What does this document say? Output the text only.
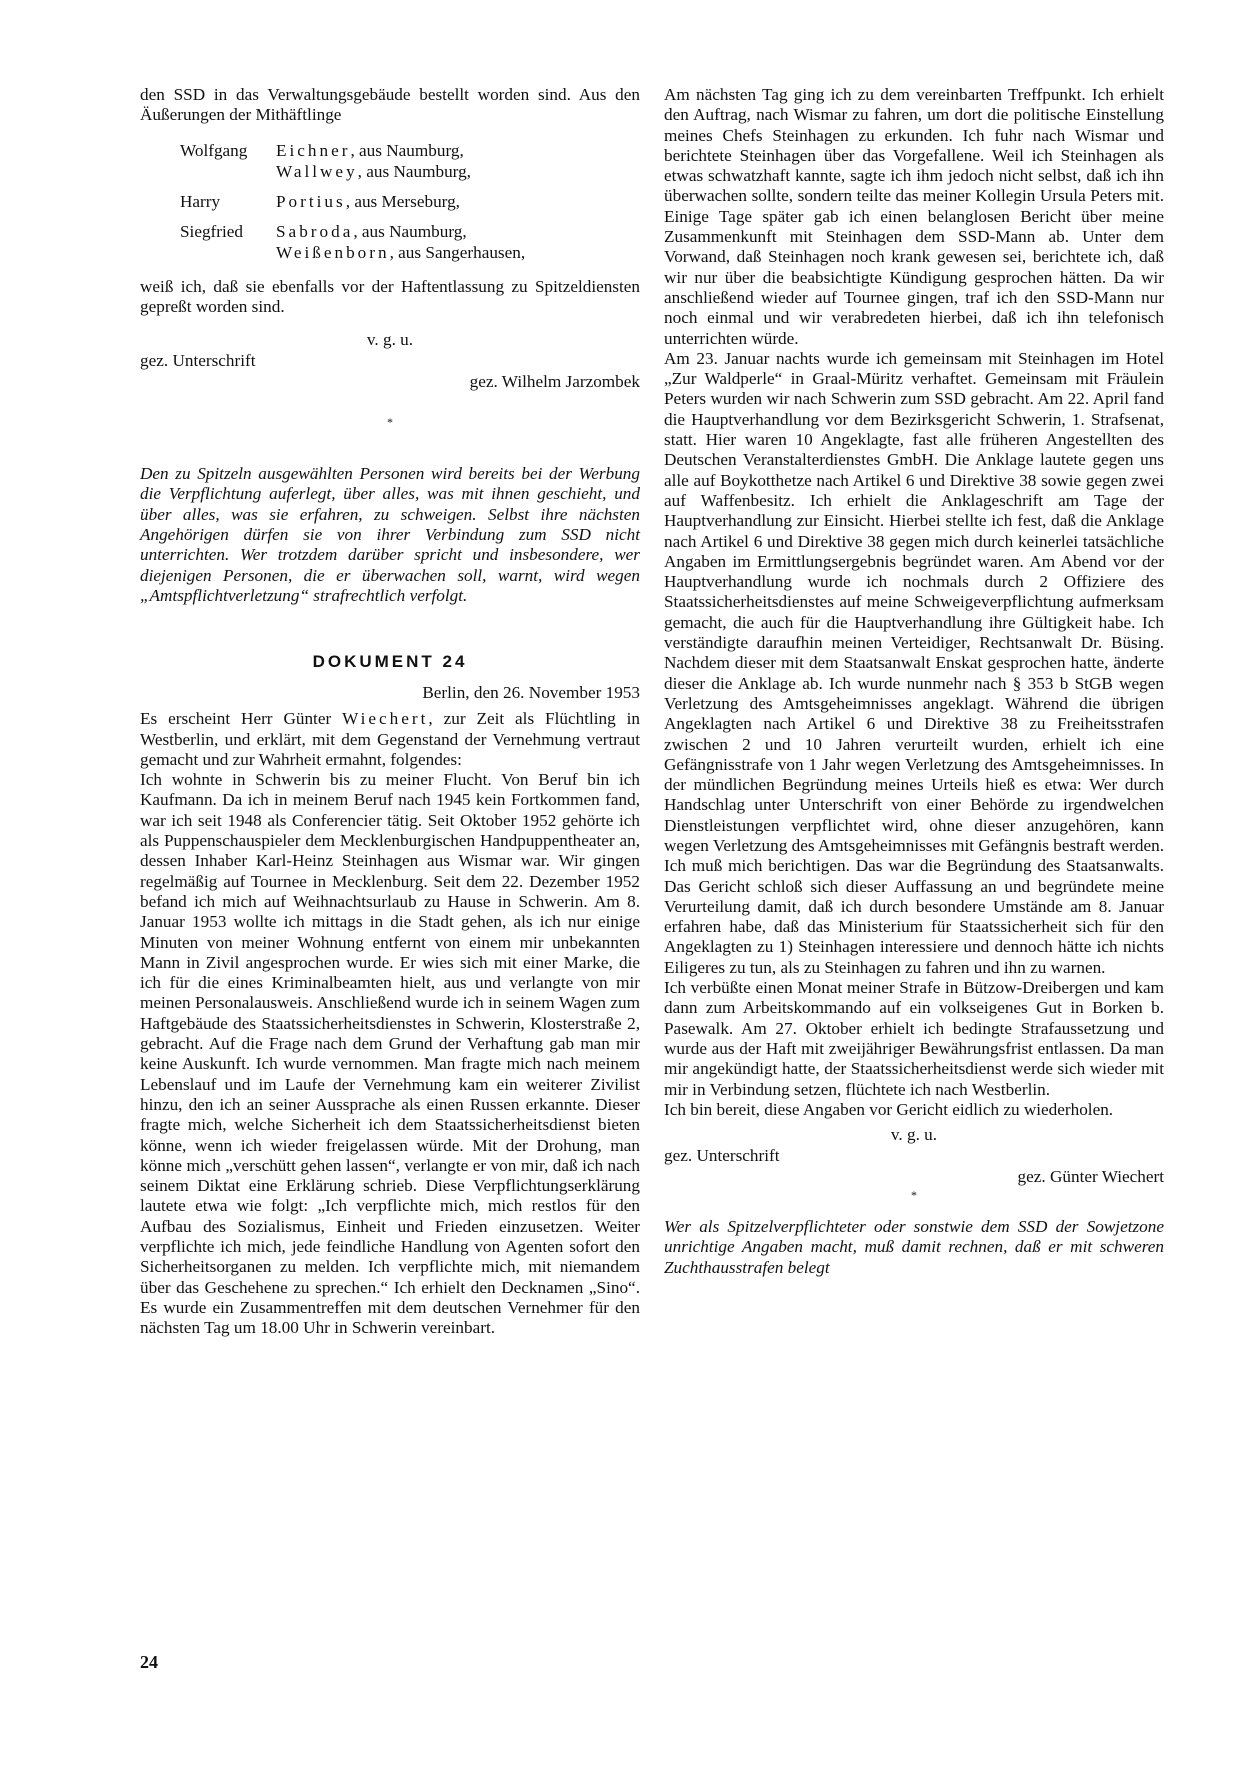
den SSD in das Verwaltungsgebäude bestellt worden sind. Aus den Äußerungen der Mithäftlinge

Wolfgang	Eichner, aus Naumburg,
Wallwey, aus Naumburg,
Harry	Portius, aus Merseburg,
Siegfried	Sabroda, aus Naumburg,
Weißenborn, aus Sangerhausen,

weiß ich, daß sie ebenfalls vor der Haftentlassung zu Spitzeldiensten gepreßt worden sind.

v. g. u.
gez. Unterschrift
gez. Wilhelm Jarzombek
*

Den zu Spitzeln ausgewählten Personen wird bereits bei der Werbung die Verpflichtung auferlegt, über alles, was mit ihnen geschieht, und über alles, was sie erfahren, zu schweigen. Selbst ihre nächsten Angehörigen dürfen sie von ihrer Verbindung zum SSD nicht unterrichten. Wer trotzdem darüber spricht und insbesondere, wer diejenigen Personen, die er überwachen soll, warnt, wird wegen „Amtspflichtverletzung“ strafrechtlich verfolgt.

DOKUMENT 24
Berlin, den 26. November 1953

Es erscheint Herr Günter Wiechert, zur Zeit als Flüchtling in Westberlin, und erklärt, mit dem Gegenstand der Vernehmung vertraut gemacht und zur Wahrheit ermahnt, folgendes:

Ich wohnte in Schwerin bis zu meiner Flucht. Von Beruf bin ich Kaufmann. Da ich in meinem Beruf nach 1945 kein Fortkommen fand, war ich seit 1948 als Conferencier tätig. Seit Oktober 1952 gehörte ich als Puppenschauspieler dem Mecklenburgischen Handpuppentheater an, dessen Inhaber Karl-Heinz Steinhagen aus Wismar war. Wir gingen regelmäßig auf Tournee in Mecklenburg. Seit dem 22. Dezember 1952 befand ich mich auf Weihnachtsurlaub zu Hause in Schwerin. Am 8. Januar 1953 wollte ich mittags in die Stadt gehen, als ich nur einige Minuten von meiner Wohnung entfernt von einem mir unbekannten Mann in Zivil angesprochen wurde. Er wies sich mit einer Marke, die ich für die eines Kriminalbeamten hielt, aus und verlangte von mir meinen Personalausweis. Anschließend wurde ich in seinem Wagen zum Haftgebäude des Staatssicherheitsdienstes in Schwerin, Klosterstraße 2, gebracht. Auf die Frage nach dem Grund der Verhaftung gab man mir keine Auskunft. Ich wurde vernommen. Man fragte mich nach meinem Lebenslauf und im Laufe der Vernehmung kam ein weiterer Zivilist hinzu, den ich an seiner Aussprache als einen Russen erkannte. Dieser fragte mich, welche Sicherheit ich dem Staatssicherheitsdienst bieten könne, wenn ich wieder freigelassen würde. Mit der Drohung, man könne mich „verschütt gehen lassen“, verlangte er von mir, daß ich nach seinem Diktat eine Erklärung schrieb. Diese Verpflichtungserklärung lautete etwa wie folgt: „Ich verpflichte mich, mich restlos für den Aufbau des Sozialismus, Einheit und Frieden einzusetzen. Weiter verpflichte ich mich, jede feindliche Handlung von Agenten sofort den Sicherheitsorganen zu melden. Ich verpflichte mich, mit niemandem über das Geschehene zu sprechen.“ Ich erhielt den Decknamen „Sino“. Es wurde ein Zusammentreffen mit dem deutschen Vernehmer für den nächsten Tag um 18.00 Uhr in Schwerin vereinbart.

Am nächsten Tag ging ich zu dem vereinbarten Treffpunkt. Ich erhielt den Auftrag, nach Wismar zu fahren, um dort die politische Einstellung meines Chefs Steinhagen zu erkunden. Ich fuhr nach Wismar und berichtete Steinhagen über das Vorgefallene. Weil ich Steinhagen als etwas schwatzhaft kannte, sagte ich ihm jedoch nicht selbst, daß ich ihn überwachen sollte, sondern teilte das meiner Kollegin Ursula Peters mit. Einige Tage später gab ich einen belanglosen Bericht über meine Zusammenkunft mit Steinhagen dem SSD-Mann ab. Unter dem Vorwand, daß Steinhagen noch krank gewesen sei, berichtete ich, daß wir nur über die beabsichtigte Kündigung gesprochen hätten. Da wir anschließend wieder auf Tournee gingen, traf ich den SSD-Mann nur noch einmal und wir verabredeten hierbei, daß ich ihn telefonisch unterrichten würde.

Am 23. Januar nachts wurde ich gemeinsam mit Steinhagen im Hotel „Zur Waldperle“ in Graal-Müritz verhaftet. Gemeinsam mit Fräulein Peters wurden wir nach Schwerin zum SSD gebracht. Am 22. April fand die Hauptverhandlung vor dem Bezirksgericht Schwerin, 1. Strafsenat, statt. Hier waren 10 Angeklagte, fast alle früheren Angestellten des Deutschen Veranstalterdienstes GmbH. Die Anklage lautete gegen uns alle auf Boykotthetze nach Artikel 6 und Direktive 38 sowie gegen zwei auf Waffenbesitz. Ich erhielt die Anklageschrift am Tage der Hauptverhandlung zur Einsicht. Hierbei stellte ich fest, daß die Anklage nach Artikel 6 und Direktive 38 gegen mich durch keinerlei tatsächliche Angaben im Ermittlungsergebnis begründet waren. Am Abend vor der Hauptverhandlung wurde ich nochmals durch 2 Offiziere des Staatssicherheitsdienstes auf meine Schweigeverpflichtung aufmerksam gemacht, die auch für die Hauptverhandlung ihre Gültigkeit habe. Ich verständigte daraufhin meinen Verteidiger, Rechtsanwalt Dr. Büsing. Nachdem dieser mit dem Staatsanwalt Enskat gesprochen hatte, änderte dieser die Anklage ab. Ich wurde nunmehr nach § 353 b StGB wegen Verletzung des Amtsgeheimnisses angeklagt. Während die übrigen Angeklagten nach Artikel 6 und Direktive 38 zu Freiheitsstrafen zwischen 2 und 10 Jahren verurteilt wurden, erhielt ich eine Gefängnisstrafe von 1 Jahr wegen Verletzung des Amtsgeheimnisses. In der mündlichen Begründung meines Urteils hieß es etwa: Wer durch Handschlag unter Unterschrift von einer Behörde zu irgendwelchen Dienstleistungen verpflichtet wird, ohne dieser anzugehören, kann wegen Verletzung des Amtsgeheimnisses mit Gefängnis bestraft werden. Ich muß mich berichtigen. Das war die Begründung des Staatsanwalts. Das Gericht schloß sich dieser Auffassung an und begründete meine Verurteilung damit, daß ich durch besondere Umstände am 8. Januar erfahren habe, daß das Ministerium für Staatssicherheit sich für den Angeklagten zu 1) Steinhagen interessiere und dennoch hätte ich nichts Eiligeres zu tun, als zu Steinhagen zu fahren und ihn zu warnen.

Ich verbüßte einen Monat meiner Strafe in Bützow-Dreibergen und kam dann zum Arbeitskommando auf ein volkseigenes Gut in Borken b. Pasewalk. Am 27. Oktober erhielt ich bedingte Strafaussetzung und wurde aus der Haft mit zweijähriger Bewährungsfrist entlassen. Da man mir angekündigt hatte, der Staatssicherheitsdienst werde sich wieder mit mir in Verbindung setzen, flüchtete ich nach Westberlin.

Ich bin bereit, diese Angaben vor Gericht eidlich zu wiederholen.

v. g. u.
gez. Unterschrift
gez. Günter Wiechert
*

Wer als Spitzelverpflichteter oder sonstwie dem SSD der Sowjetzone unrichtige Angaben macht, muß damit rechnen, daß er mit schweren Zuchthausstrafen belegt

24
